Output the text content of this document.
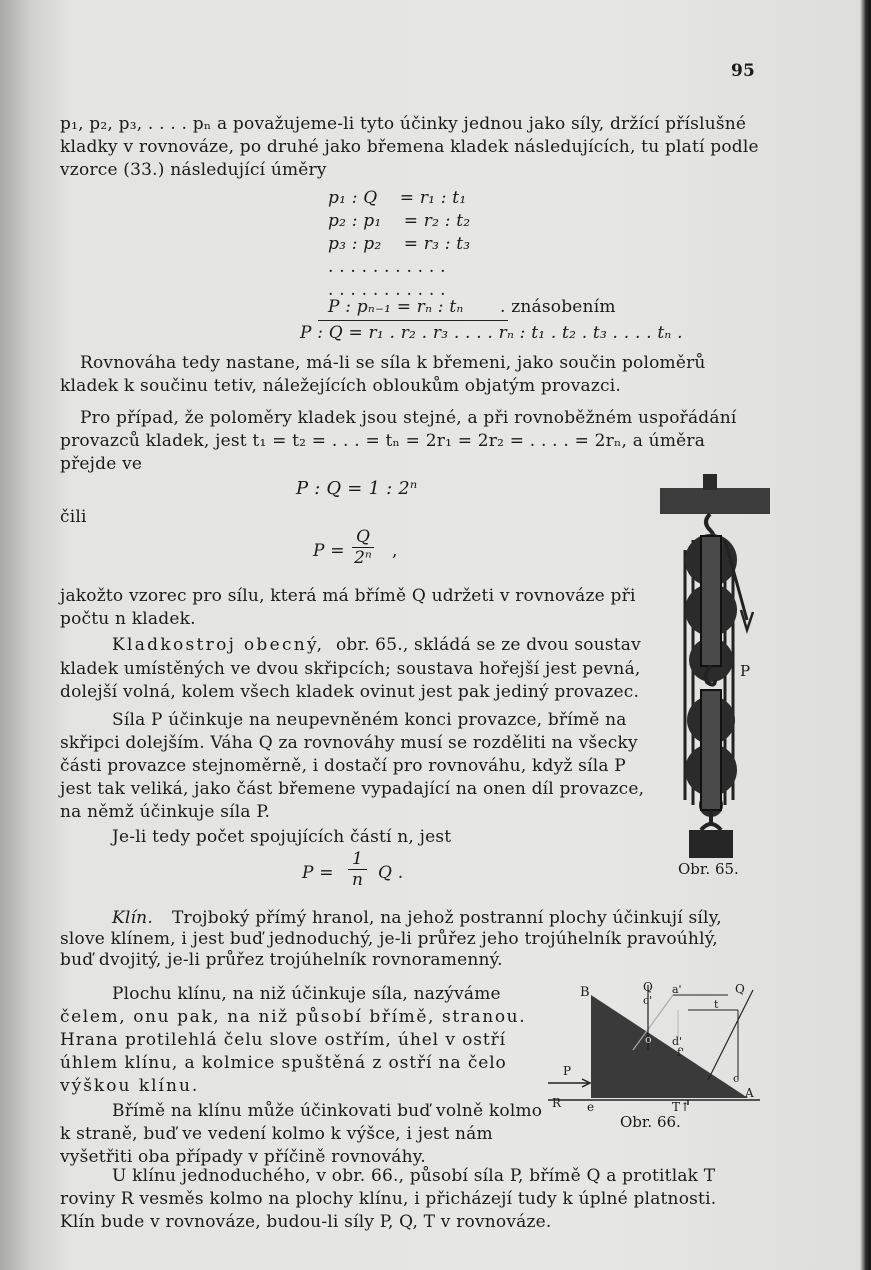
95
p₁, p₂, p₃, . . . . pₙ a považujeme-li tyto účinky jednou jako síly, držící příslušné
kladky v rovnováze, po druhé jako břemena kladek následujících, tu platí podle
vzorce (33.) následující úměry
p₁ : Q    = r₁ : t₁
p₂ : p₁    = r₂ : t₂
p₃ : p₂    = r₃ : t₃
. . . . . . . . . . .
. . . . . . . . . . .
P : pₙ₋₁ = rₙ : tₙ . znásobením
P : Q = r₁ . r₂ . r₃ . . . . rₙ : t₁ . t₂ . t₃ . . . . tₙ .
Rovnováha tedy nastane, má-li se síla k břemeni, jako součin poloměrů
kladek k součinu tetiv, náležejících obloukům objatým provazci.
Pro případ, že poloměry kladek jsou stejné, a při rovnoběžném uspořádání
provazců kladek, jest t₁ = t₂ = . . . = tₙ = 2r₁ = 2r₂ = . . . . = 2rₙ, a úměra
přejde ve
P : Q = 1 : 2ⁿ
čili
$P = \frac{Q}{\text{2ⁿ}}$ ,
jakožto vzorec pro sílu, která má břímě Q udržeti v rovnováze při
počtu n kladek.
Kladkostroj obecný, obr. 65., skládá se ze dvou soustav
kladek umístěných ve dvou skřipcích; soustava hořejší jest pevná,
dolejší volná, kolem všech kladek ovinut jest pak jediný provazec.
Síla P účinkuje na neupevněném konci provazce, břímě na
skřipci dolejším. Váha Q za rovnováhy musí se rozděliti na všecky
části provazce stejnoměrně, i dostačí pro rovnováhu, když síla P
jest tak veliká, jako část břemene vypadající na onen díl provazce,
na němž účinkuje síla P.
Je-li tedy počet spojujících částí n, jest
$P = \frac{1}{n}$ Q .
P
Obr. 65.
Klín. Trojboký přímý hranol, na jehož postranní plochy účinkují síly,
slove klínem, i jest buď jednoduchý, je-li průřez jeho trojúhelník pravoúhlý,
buď dvojitý, je-li průřez trojúhelník rovnoramenný.
Plochu klínu, na niž účinkuje síla, nazýváme
čelem, onu pak, na niž působí břímě, stranou.
Hrana protilehlá čelu slove ostřím, úhel v ostří
úhlem klínu, a kolmice spuštěná z ostří na čelo
výškou klínu.
Břímě na klínu může účinkovati buď volně kolmo
k straně, buď ve vedení kolmo k výšce, i jest nám
vyšetřiti oba případy v příčině rovnováhy.
B	Q
c'
a'	Q
t
o d'
f'
P
c
R e	T↑
A
Obr. 66.
U klínu jednoduchého, v obr. 66., působí síla P, břímě Q a protitlak T
roviny R vesměs kolmo na plochy klínu, i přicházejí tudy k úplné platnosti.
Klín bude v rovnováze, budou-li síly P, Q, T v rovnováze.
